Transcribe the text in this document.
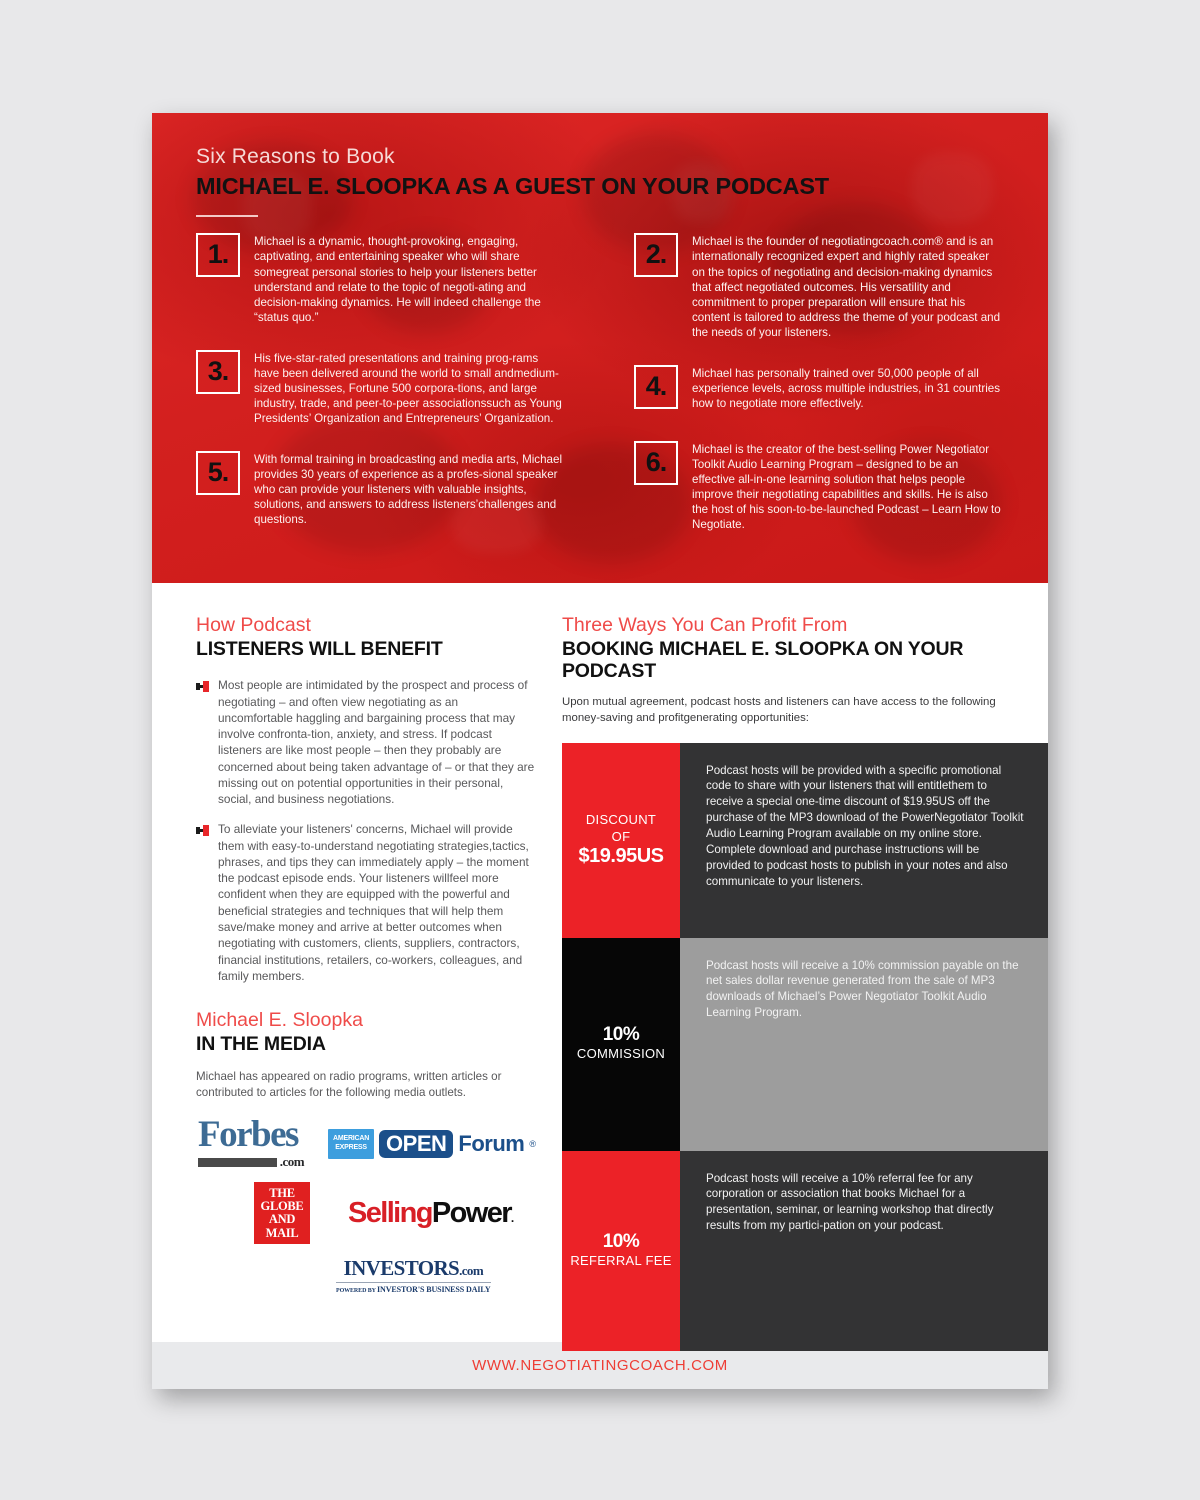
Six Reasons to Book
MICHAEL E. SLOOPKA AS A GUEST ON YOUR PODCAST
1.	Michael is a dynamic, thought-provoking, engaging, captivating, and entertaining speaker who will share somegreat personal stories to help your listeners better understand and relate to the topic of negoti-ating and decision-making dynamics. He will indeed challenge the “status quo.”
3.	His five-star-rated presentations and training prog-rams have been delivered around the world to small andmedium-sized businesses, Fortune 500 corpora-tions, and large industry, trade, and peer-to-peer associationssuch as Young Presidents’ Organization and Entrepreneurs’ Organization.
5.	With formal training in broadcasting and media arts, Michael provides 30 years of experience as a profes-sional speaker who can provide your listeners with valuable insights, solutions, and answers to address listeners’challenges and questions.
2.	Michael is the founder of negotiatingcoach.com® and is an internationally recognized expert and highly rated speaker on the topics of negotiating and decision-making dynamics that affect negotiated outcomes. His versatility and commitment to proper preparation will ensure that his content is tailored to address the theme of your podcast and the needs of your listeners.
4.	Michael has personally trained over 50,000 people of all experience levels, across multiple industries, in 31 countries how to negotiate more effectively.
6.	Michael is the creator of the best-selling Power Negotiator Toolkit Audio Learning Program – designed to be an effective all-in-one learning solution that helps people improve their negotiating capabilities and skills. He is also the host of his soon-to-be-launched Podcast – Learn How to Negotiate.
How Podcast
LISTENERS WILL BENEFIT

Most people are intimidated by the prospect and process of negotiating – and often view negotiating as an uncomfortable haggling and bargaining process that may involve confronta-tion, anxiety, and stress. If podcast listeners are like most people – then they probably are concerned about being taken advantage of – or that they are missing out on potential opportunities in their personal, social, and business negotiations.

To alleviate your listeners' concerns, Michael will provide them with easy-to-understand negotiating strategies,tactics, phrases, and tips they can immediately apply – the moment the podcast episode ends. Your listeners willfeel more confident when they are equipped with the powerful and beneficial strategies and techniques that will help them save/make money and arrive at better outcomes when negotiating with customers, clients, suppliers, contractors, financial institutions, retailers, co-workers, colleagues, and family members.

Michael E. Sloopka
IN THE MEDIA
Michael has appeared on radio programs, written articles or contributed to articles for the following media outlets.
Forbes
.com
AMERICAN
EXPRESS OPEN Forum ®
THE
GLOBE
AND
MAIL
SellingPower.
INVESTORS.com
POWERED BY INVESTOR'S BUSINESS DAILY
Three Ways You Can Profit From
BOOKING MICHAEL E. SLOOPKA ON YOUR PODCAST
Upon mutual agreement, podcast hosts and listeners can have access to the following money-saving and profitgenerating opportunities:
DISCOUNT
OF
$19.95US
Podcast hosts will be provided with a specific promotional code to share with your listeners that will entitlethem to receive a special one-time discount of $19.95US off the purchase of the MP3 download of the PowerNegotiator Toolkit Audio Learning Program available on my online store. Complete download and purchase instructions will be provided to podcast hosts to publish in your notes and also communicate to your listeners.
10%
COMMISSION
Podcast hosts will receive a 10% commission payable on the net sales dollar revenue generated from the sale of MP3 downloads of Michael’s Power Negotiator Toolkit Audio Learning Program.
10%
REFERRAL FEE
Podcast hosts will receive a 10% referral fee for any corporation or association that books Michael for a presentation, seminar, or learning workshop that directly results from my partici-pation on your podcast.
WWW.NEGOTIATINGCOACH.COM
